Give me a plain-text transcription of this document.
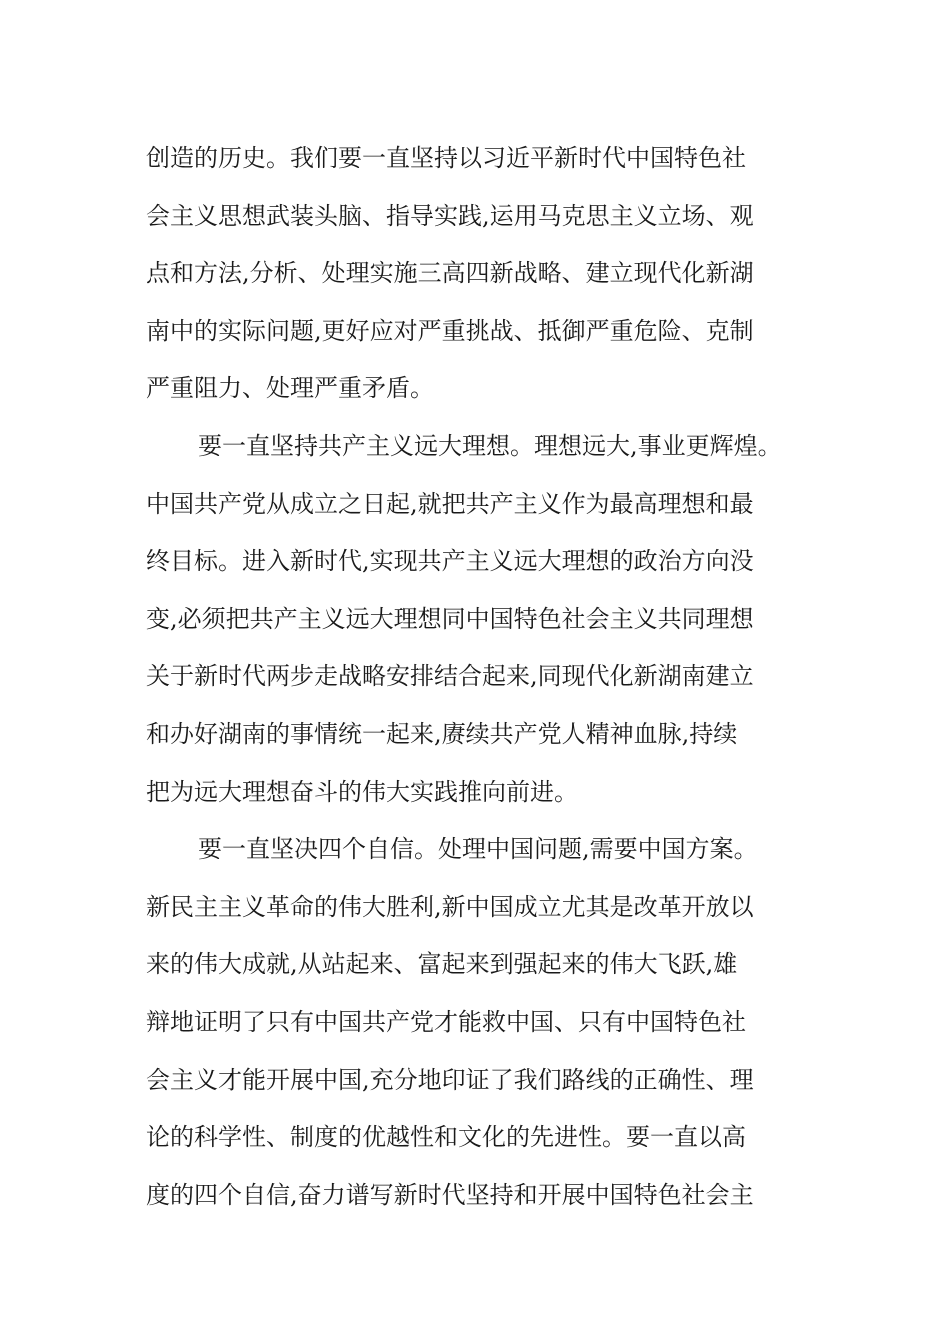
创造的历史。我们要一直坚持以习近平新时代中国特色社
会主义思想武装头脑、指导实践,运用马克思主义立场、观
点和方法,分析、处理实施三高四新战略、建立现代化新湖
南中的实际问题,更好应对严重挑战、抵御严重危险、克制
严重阻力、处理严重矛盾。
要一直坚持共产主义远大理想。理想远大,事业更辉煌。
中国共产党从成立之日起,就把共产主义作为最高理想和最
终目标。进入新时代,实现共产主义远大理想的政治方向没
变,必须把共产主义远大理想同中国特色社会主义共同理想
关于新时代两步走战略安排结合起来,同现代化新湖南建立
和办好湖南的事情统一起来,赓续共产党人精神血脉,持续
把为远大理想奋斗的伟大实践推向前进。
要一直坚决四个自信。处理中国问题,需要中国方案。
新民主主义革命的伟大胜利,新中国成立尤其是改革开放以
来的伟大成就,从站起来、富起来到强起来的伟大飞跃,雄
辩地证明了只有中国共产党才能救中国、只有中国特色社
会主义才能开展中国,充分地印证了我们路线的正确性、理
论的科学性、制度的优越性和文化的先进性。要一直以高
度的四个自信,奋力谱写新时代坚持和开展中国特色社会主
